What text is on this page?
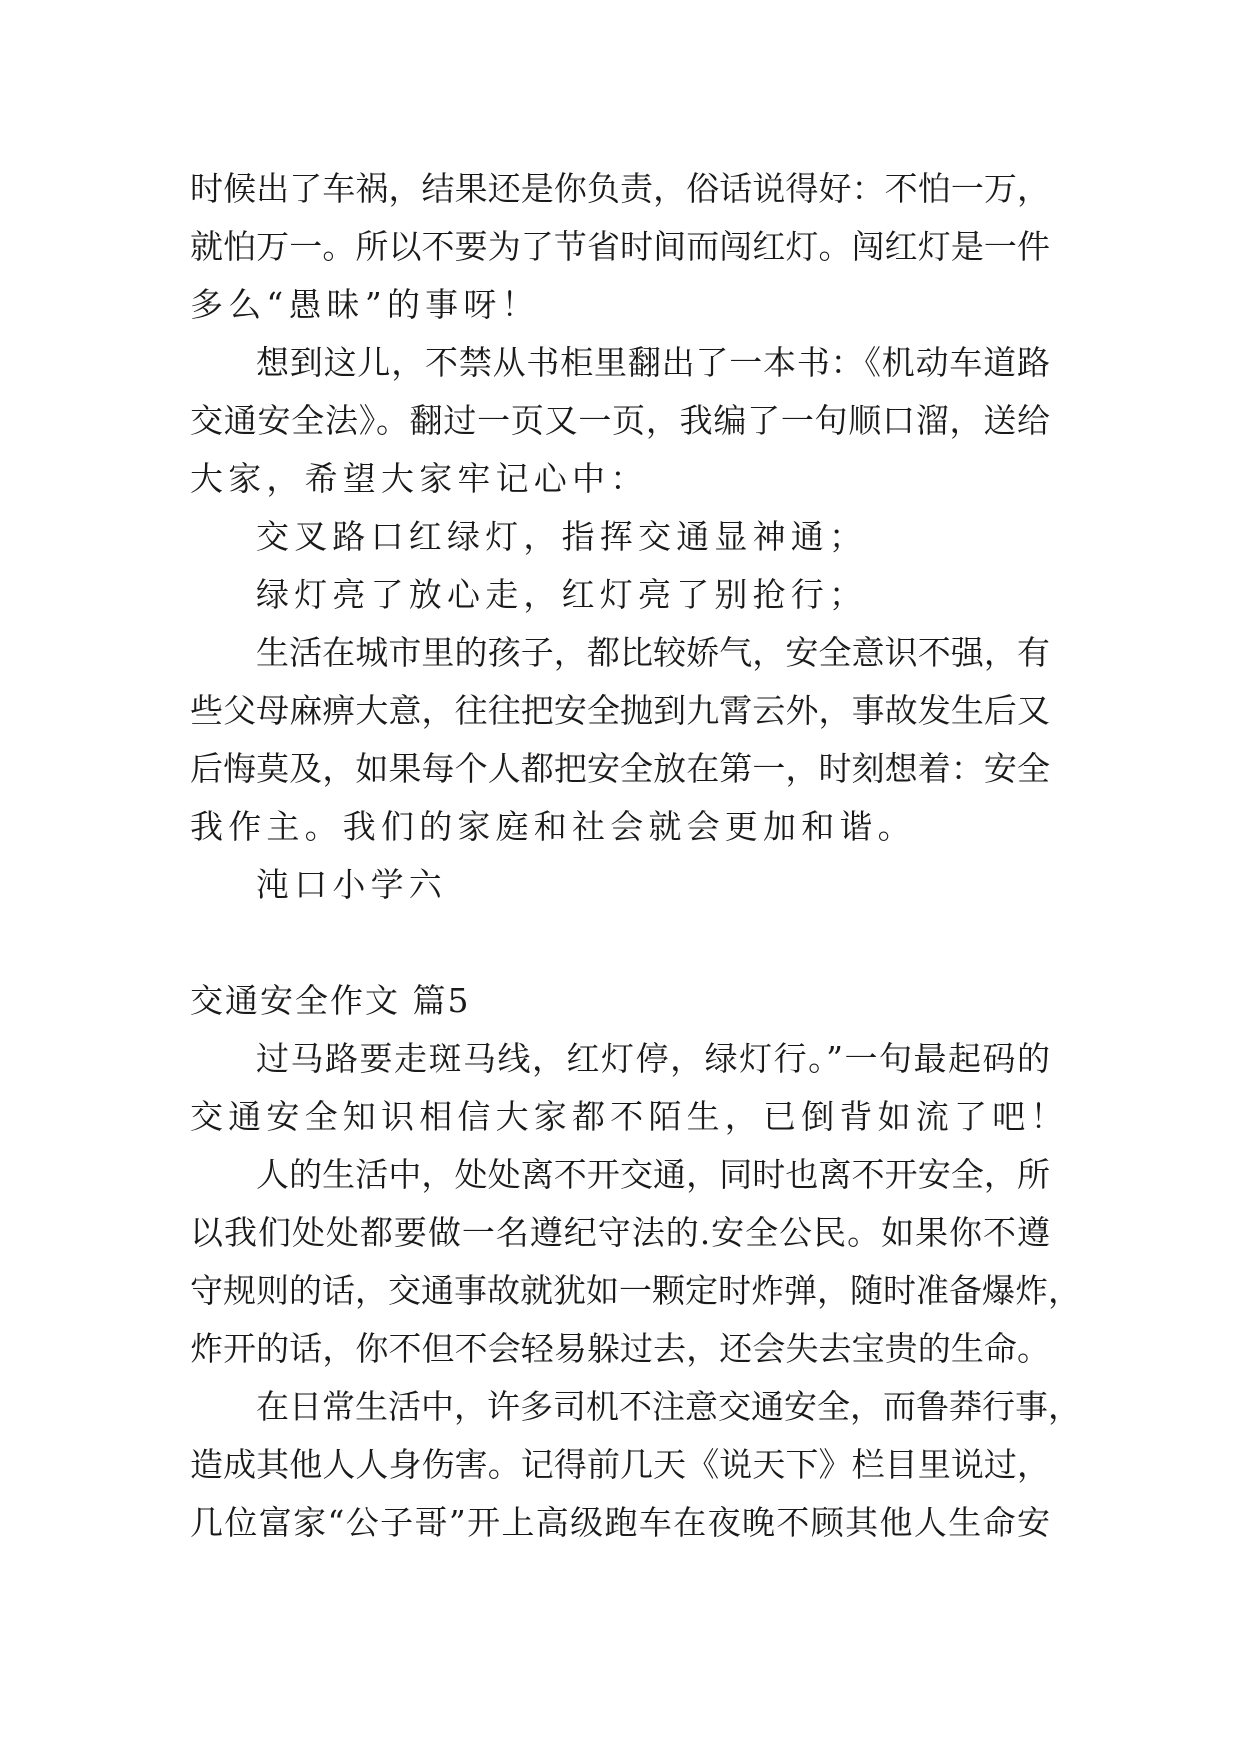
时候出了车祸，结果还是你负责，俗话说得好：不怕一万，
就怕万一。所以不要为了节省时间而闯红灯。闯红灯是一件
多么“愚昧”的事呀！
想到这儿，不禁从书柜里翻出了一本书：《机动车道路
交通安全法》。翻过一页又一页，我编了一句顺口溜，送给
大家，希望大家牢记心中：
交叉路口红绿灯，指挥交通显神通；
绿灯亮了放心走，红灯亮了别抢行；
生活在城市里的孩子，都比较娇气，安全意识不强，有
些父母麻痹大意，往往把安全抛到九霄云外，事故发生后又
后悔莫及，如果每个人都把安全放在第一，时刻想着：安全
我作主。我们的家庭和社会就会更加和谐。
沌口小学六
交通安全作文 篇5
过马路要走斑马线，红灯停，绿灯行。”一句最起码的
交通安全知识相信大家都不陌生，已倒背如流了吧！
人的生活中，处处离不开交通，同时也离不开安全，所
以我们处处都要做一名遵纪守法的.安全公民。如果你不遵
守规则的话，交通事故就犹如一颗定时炸弹，随时准备爆炸，
炸开的话，你不但不会轻易躲过去，还会失去宝贵的生命。
在日常生活中，许多司机不注意交通安全，而鲁莽行事，
造成其他人人身伤害。记得前几天《说天下》栏目里说过，
几位富家“公子哥”开上高级跑车在夜晚不顾其他人生命安
